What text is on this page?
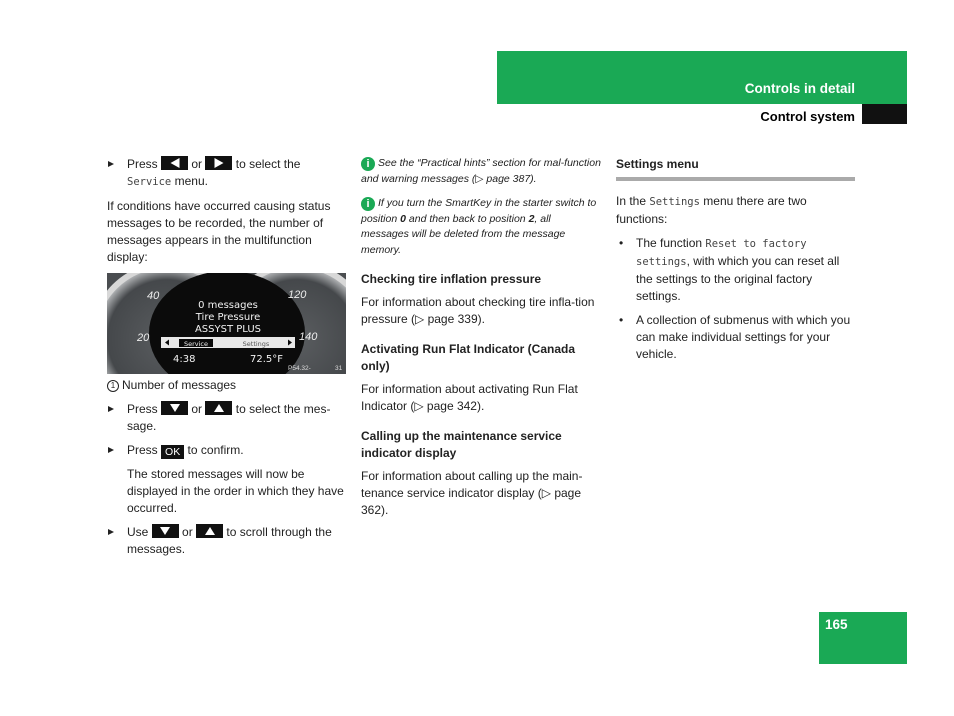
Controls in detail
Control system
Press	or	to select the Service menu.

If conditions have occurred causing status messages to be recorded, the number of messages appears in the multifunction display:

40
20
120
140
0 messages
Tire Pressure
ASSYST PLUS
Service	Settings
4:38	72.5°F
P54.32-	31
1 Number of messages
Press	or	to select the mes-sage.
Press OK to confirm.

The stored messages will now be displayed in the order in which they have occurred.

Use	or	to scroll through the messages.

i See the “Practical hints” section for mal-function and warning messages (▷ page 387).

i If you turn the SmartKey in the starter switch to position 0 and then back to position 2, all messages will be deleted from the message memory.

Checking tire inflation pressure

For information about checking tire infla-tion pressure (▷ page 339).

Activating Run Flat Indicator (Canada only)

For information about activating Run Flat Indicator (▷ page 342).

Calling up the maintenance service indicator display

For information about calling up the main-tenance service indicator display (▷ page 362).

Settings menu

In the Settings menu there are two functions:

• The function Reset to factory settings, with which you can reset all the settings to the original factory settings.
• A collection of submenus with which you can make individual settings for your vehicle.
165
